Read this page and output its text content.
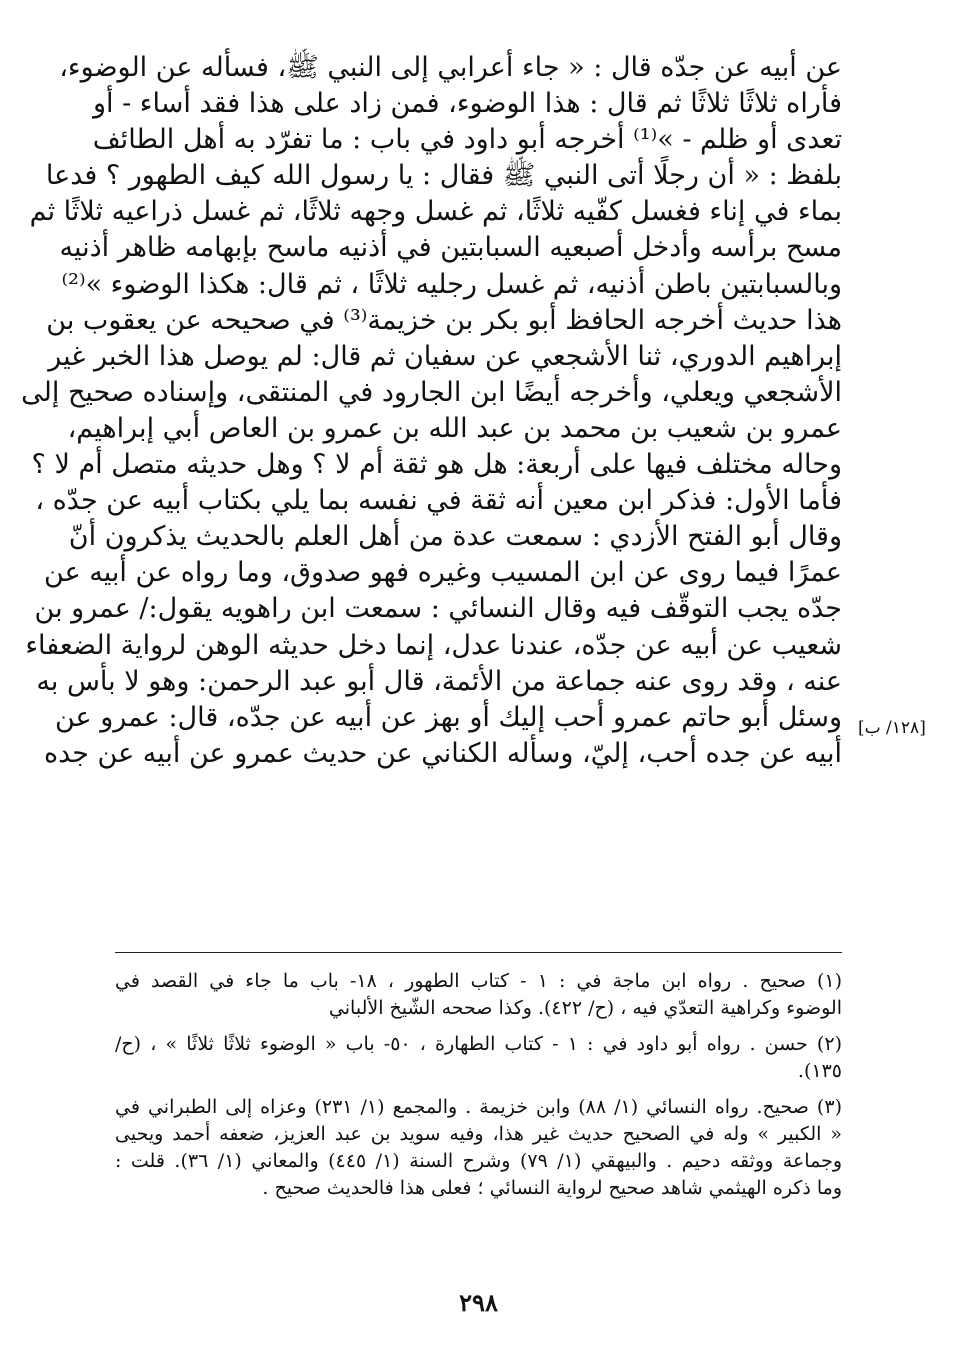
عن أبيه عن جدّه قال : « جاء أعرابي إلى النبي ﷺ، فسأله عن الوضوء،
فأراه ثلاثًا ثلاثًا ثم قال : هذا الوضوء، فمن زاد على هذا فقد أساء - أو
تعدى أو ظلم - »⁽¹⁾ أخرجه أبو داود في باب : ما تفرّد به أهل الطائف
بلفظ : « أن رجلًا أتى النبي ﷺ فقال : يا رسول الله كيف الطهور ؟ فدعا
بماء في إناء فغسل كفّيه ثلاثًا، ثم غسل وجهه ثلاثًا، ثم غسل ذراعيه ثلاثًا ثم
مسح برأسه وأدخل أصبعيه السبابتين في أذنيه ماسح بإبهامه ظاهر أذنيه
وبالسبابتين باطن أذنيه، ثم غسل رجليه ثلاثًا ، ثم قال: هكذا الوضوء »⁽²⁾
هذا حديث أخرجه الحافظ أبو بكر بن خزيمة⁽³⁾ في صحيحه عن يعقوب بن
إبراهيم الدوري، ثنا الأشجعي عن سفيان ثم قال: لم يوصل هذا الخبر غير
الأشجعي ويعلي، وأخرجه أيضًا ابن الجارود في المنتقى، وإسناده صحيح إلى
عمرو بن شعيب بن محمد بن عبد الله بن عمرو بن العاص أبي إبراهيم،
وحاله مختلف فيها على أربعة: هل هو ثقة أم لا ؟ وهل حديثه متصل أم لا ؟
فأما الأول: فذكر ابن معين أنه ثقة في نفسه بما يلي بكتاب أبيه عن جدّه ،
وقال أبو الفتح الأزدي : سمعت عدة من أهل العلم بالحديث يذكرون أنّ
عمرًا فيما روى عن ابن المسيب وغيره فهو صدوق، وما رواه عن أبيه عن
جدّه يجب التوقّف فيه وقال النسائي : سمعت ابن راهويه يقول:/ عمرو بن
شعيب عن أبيه عن جدّه، عندنا عدل، إنما دخل حديثه الوهن لرواية الضعفاء
عنه ، وقد روى عنه جماعة من الأئمة، قال أبو عبد الرحمن: وهو لا بأس به
وسئل أبو حاتم عمرو أحب إليك أو بهز عن أبيه عن جدّه، قال: عمرو عن
أبيه عن جده أحب، إليّ، وسأله الكناني عن حديث عمرو عن أبيه عن جده
[١٢٨/ ب]
(١) صحيح . رواه ابن ماجة في : ١ - كتاب الطهور ، ١٨- باب ما جاء في القصد في
الوضوء وكراهية التعدّي فيه ، (ح/ ٤٢٢). وكذا صححه الشّيخ الألباني
(٢) حسن . رواه أبو داود في : ١ - كتاب الطهارة ، ٥٠- باب « الوضوء ثلاثًا ثلاثًا » ، (ح/
١٣٥).
(٣) صحيح. رواه النسائي (١/ ٨٨) وابن خزيمة . والمجمع (١/ ٢٣١) وعزاه إلى الطبراني في
« الكبير » وله في الصحيح حديث غير هذا، وفيه سويد بن عبد العزيز، ضعفه أحمد ويحيى
وجماعة ووثقه دحيم . والبيهقي (١/ ٧٩) وشرح السنة (١/ ٤٤٥) والمعاني (١/ ٣٦). قلت :
وما ذكره الهيثمي شاهد صحيح لرواية النسائي ؛ فعلى هذا فالحديث صحيح .
٢٩٨
